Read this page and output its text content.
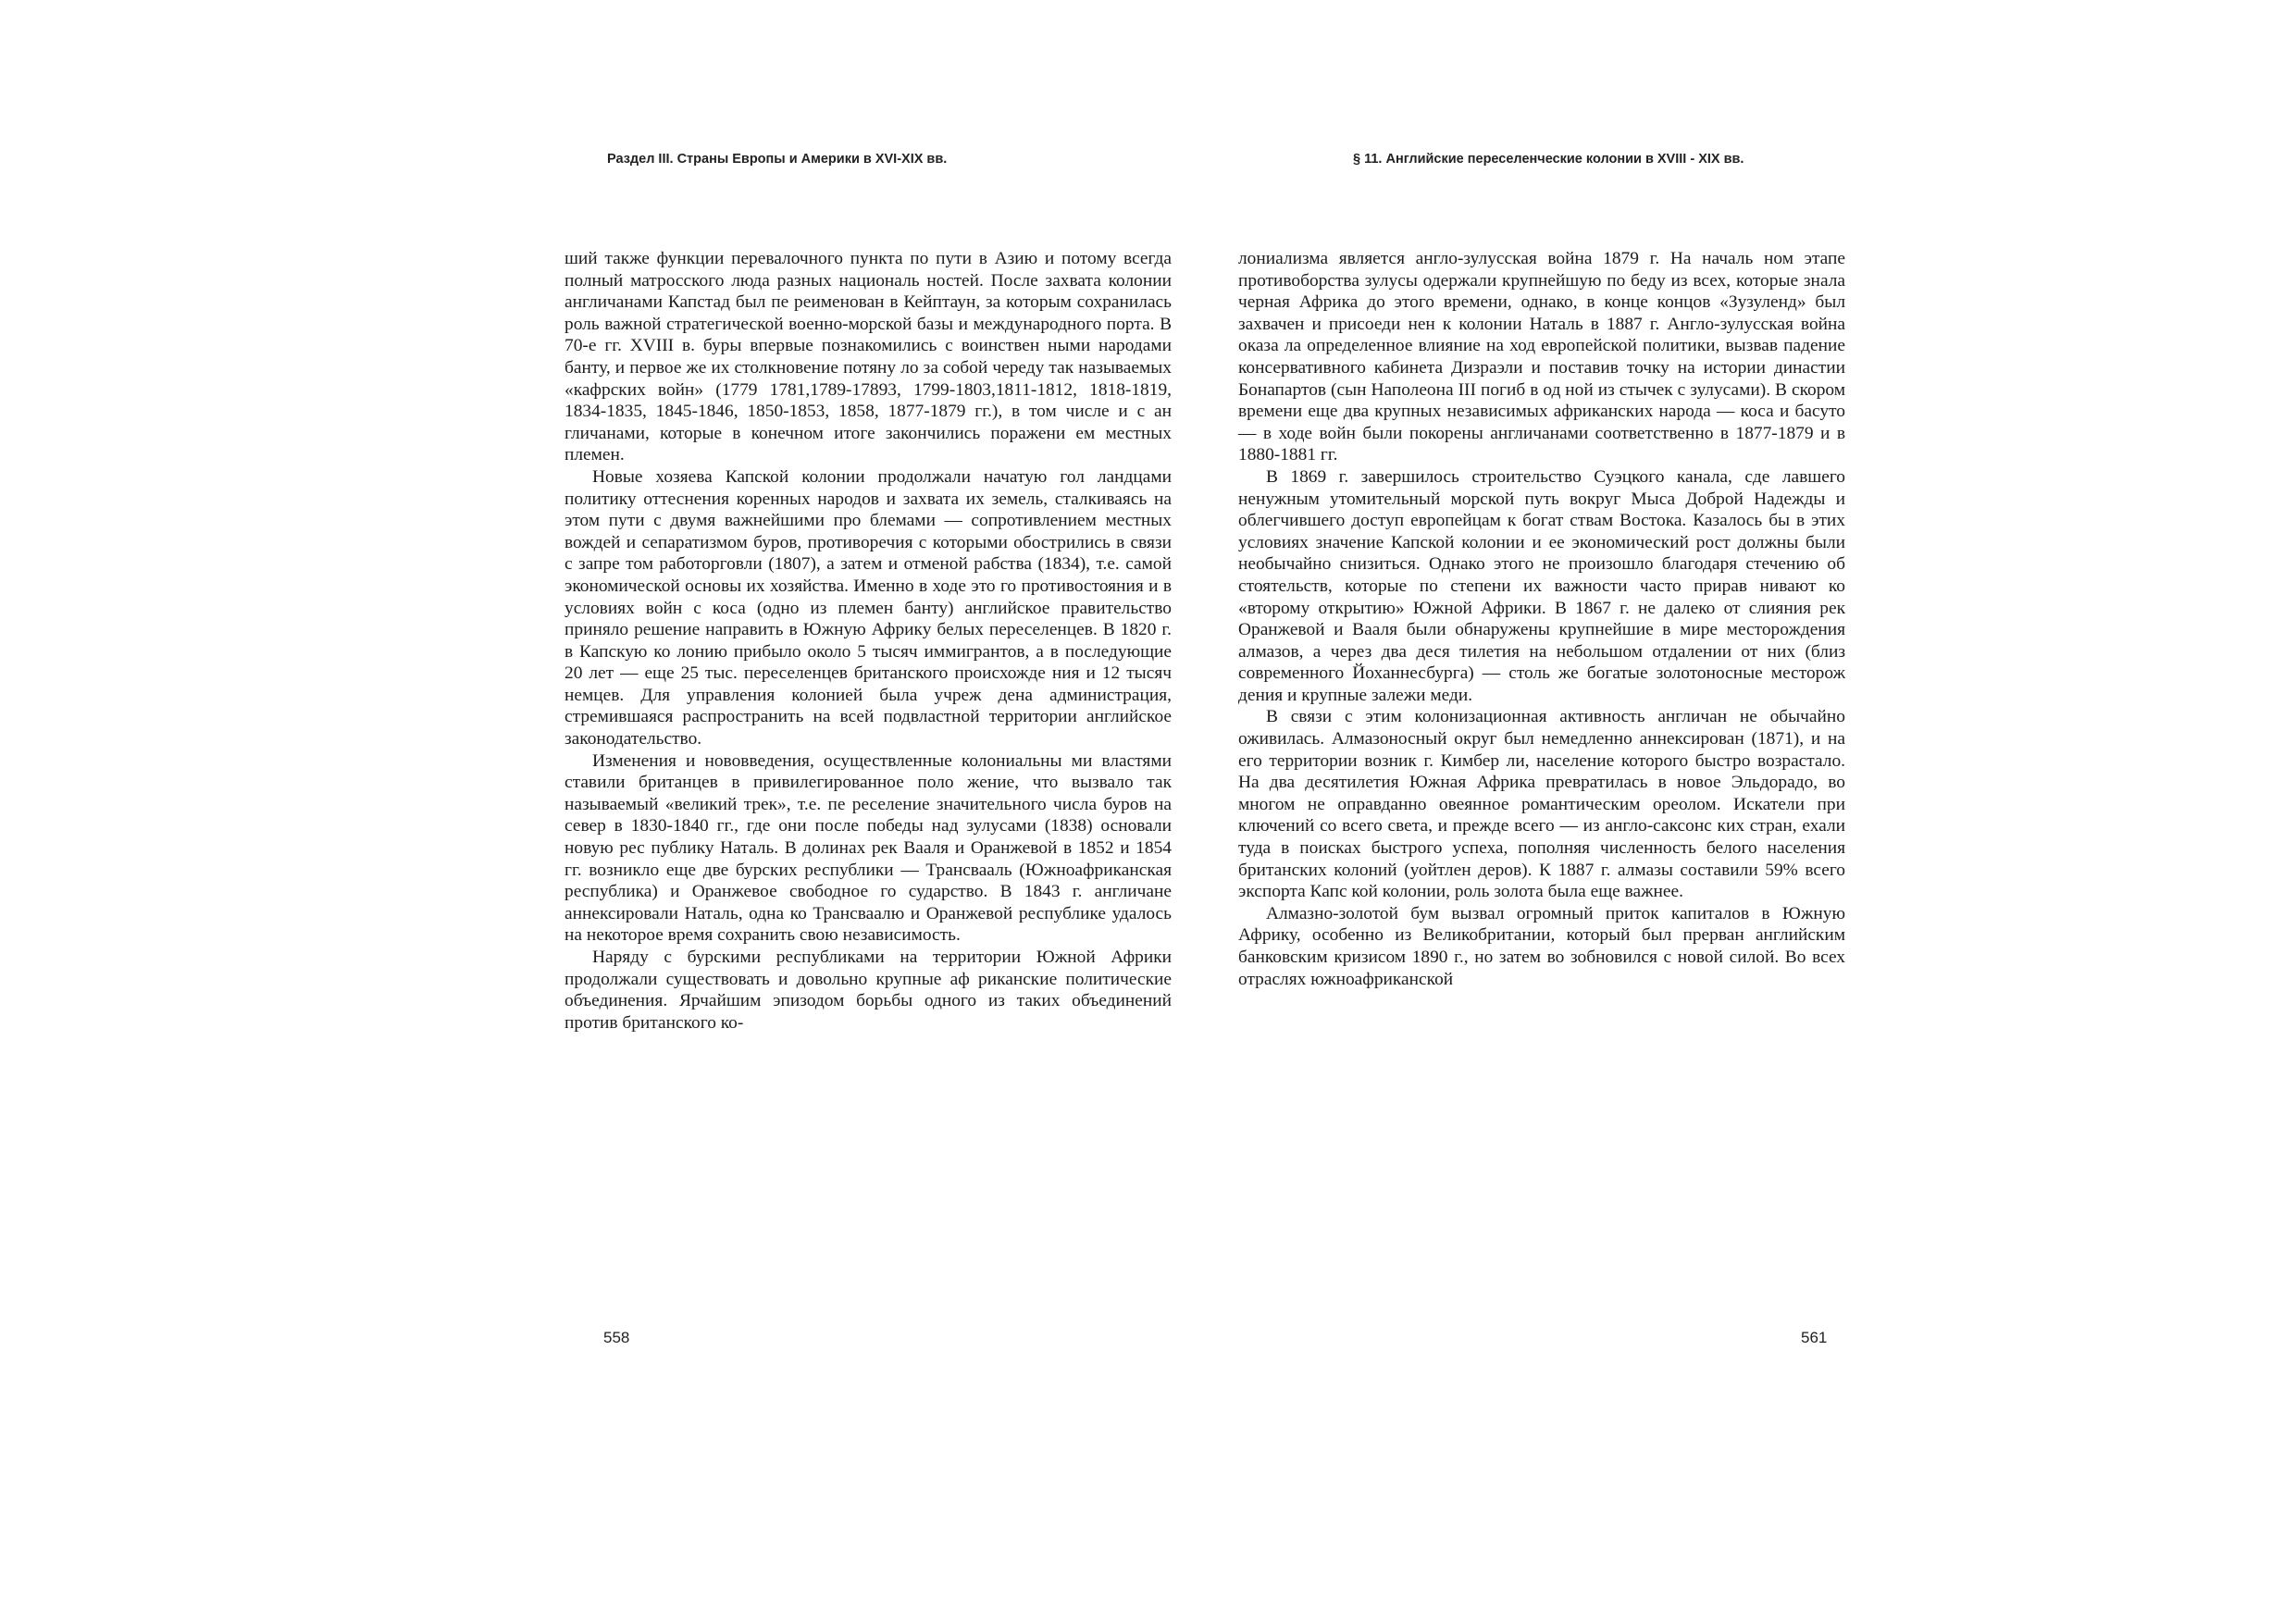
Раздел III. Страны Европы и Америки в XVI-XIX вв.

ший также функции перевалочного пункта по пути в Азию и потому всегда полный матросского люда разных националь ностей. После захвата колонии англичанами Капстад был пе реименован в Кейптаун, за которым сохранилась роль важной стратегической военно-морской базы и международного порта. В 70-е гг. XVIII в. буры впервые познакомились с воинствен ными народами банту, и первое же их столкновение потяну ло за собой череду так называемых «кафрских войн» (1779 1781,1789-17893, 1799-1803,1811-1812, 1818-1819, 1834-1835, 1845-1846, 1850-1853, 1858, 1877-1879 гг.), в том числе и с ан гличанами, которые в конечном итоге закончились поражени ем местных племен.

Новые хозяева Капской колонии продолжали начатую гол ландцами политику оттеснения коренных народов и захвата их земель, сталкиваясь на этом пути с двумя важнейшими про блемами — сопротивлением местных вождей и сепаратизмом буров, противоречия с которыми обострились в связи с запре том работорговли (1807), а затем и отменой рабства (1834), т.е. самой экономической основы их хозяйства. Именно в ходе это го противостояния и в условиях войн с коса (одно из племен банту) английское правительство приняло решение направить в Южную Африку белых переселенцев. В 1820 г. в Капскую ко лонию прибыло около 5 тысяч иммигрантов, а в последующие 20 лет — еще 25 тыс. переселенцев британского происхожде ния и 12 тысяч немцев. Для управления колонией была учреж дена администрация, стремившаяся распространить на всей подвластной территории английское законодательство.

Изменения и нововведения, осуществленные колониальны ми властями ставили британцев в привилегированное поло жение, что вызвало так называемый «великий трек», т.е. пе реселение значительного числа буров на север в 1830-1840 гг., где они после победы над зулусами (1838) основали новую рес публику Наталь. В долинах рек Вааля и Оранжевой в 1852 и 1854 гг. возникло еще две бурских республики — Трансвааль (Южноафриканская республика) и Оранжевое свободное го сударство. В 1843 г. англичане аннексировали Наталь, одна ко Трансваалю и Оранжевой республике удалось на некоторое время сохранить свою независимость.

Наряду с бурскими республиками на территории Южной Африки продолжали существовать и довольно крупные аф риканские политические объединения. Ярчайшим эпизодом борьбы одного из таких объединений против британского ко-

558
§ 11. Английские переселенческие колонии в XVIII - XIX вв.

лониализма является англо-зулусская война 1879 г. На началь ном этапе противоборства зулусы одержали крупнейшую по беду из всех, которые знала черная Африка до этого времени, однако, в конце концов «Зузуленд» был захвачен и присоеди нен к колонии Наталь в 1887 г. Англо-зулусская война оказа ла определенное влияние на ход европейской политики, вызвав падение консервативного кабинета Дизраэли и поставив точку на истории династии Бонапартов (сын Наполеона III погиб в од ной из стычек с зулусами). В скором времени еще два крупных независимых африканских народа — коса и басуто — в ходе войн были покорены англичанами соответственно в 1877-1879 и в 1880-1881 гг.

В 1869 г. завершилось строительство Суэцкого канала, сде лавшего ненужным утомительный морской путь вокруг Мыса Доброй Надежды и облегчившего доступ европейцам к богат ствам Востока. Казалось бы в этих условиях значение Капской колонии и ее экономический рост должны были необычайно снизиться. Однако этого не произошло благодаря стечению об стоятельств, которые по степени их важности часто прирав нивают ко «второму открытию» Южной Африки. В 1867 г. не далеко от слияния рек Оранжевой и Вааля были обнаружены крупнейшие в мире месторождения алмазов, а через два деся тилетия на небольшом отдалении от них (близ современного Йоханнесбурга) — столь же богатые золотоносные месторож дения и крупные залежи меди.

В связи с этим колонизационная активность англичан не обычайно оживилась. Алмазоносный округ был немедленно аннексирован (1871), и на его территории возник г. Кимбер ли, население которого быстро возрастало. На два десятилетия Южная Африка превратилась в новое Эльдорадо, во многом не оправданно овеянное романтическим ореолом. Искатели при ключений со всего света, и прежде всего — из англо-саксонс ких стран, ехали туда в поисках быстрого успеха, пополняя численность белого населения британских колоний (уойтлен деров). К 1887 г. алмазы составили 59% всего экспорта Капс кой колонии, роль золота была еще важнее.

Алмазно-золотой бум вызвал огромный приток капиталов в Южную Африку, особенно из Великобритании, который был прерван английским банковским кризисом 1890 г., но затем во зобновился с новой силой. Во всех отраслях южноафриканской

561
